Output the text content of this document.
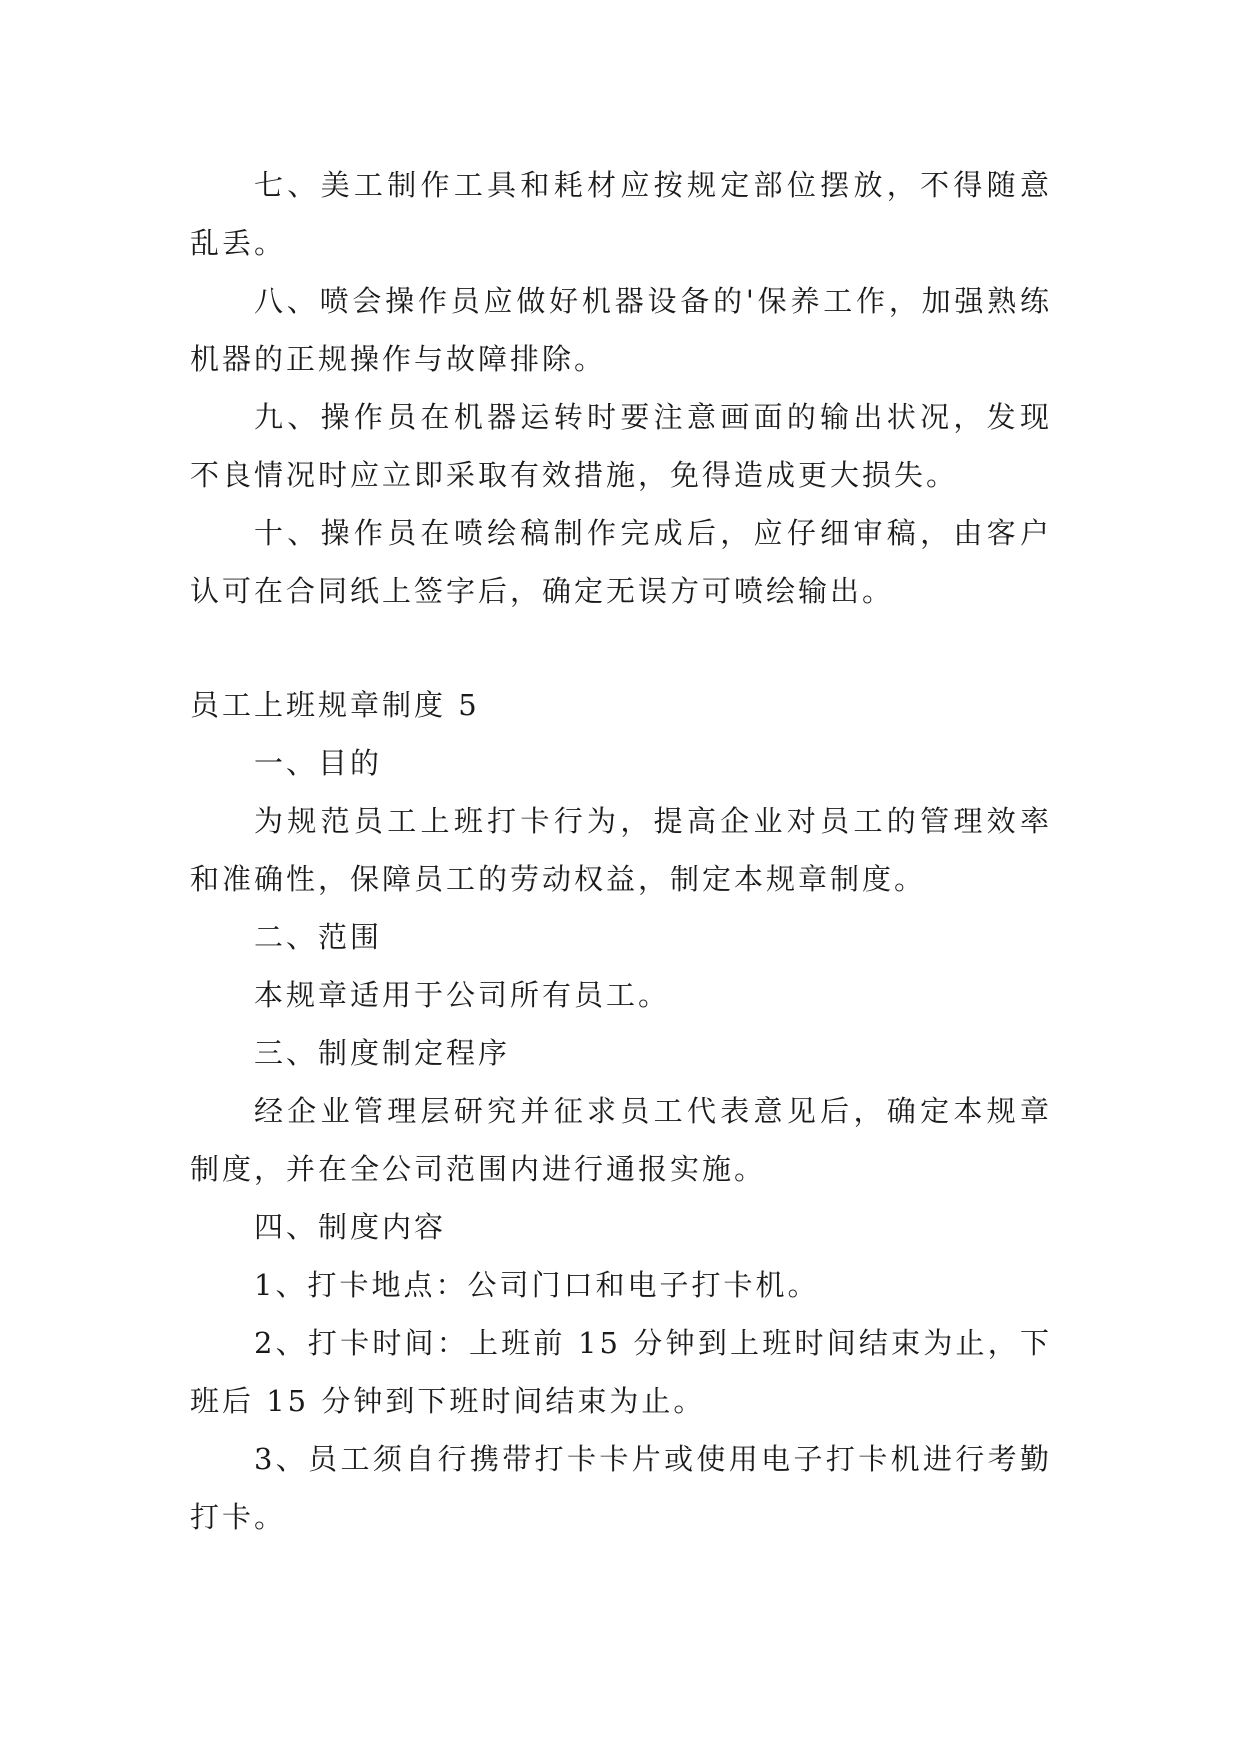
七、美工制作工具和耗材应按规定部位摆放，不得随意乱丢。

八、喷会操作员应做好机器设备的'保养工作，加强熟练机器的正规操作与故障排除。

九、操作员在机器运转时要注意画面的输出状况，发现不良情况时应立即采取有效措施，免得造成更大损失。

十、操作员在喷绘稿制作完成后，应仔细审稿，由客户认可在合同纸上签字后，确定无误方可喷绘输出。

员工上班规章制度 5

一、目的

为规范员工上班打卡行为，提高企业对员工的管理效率和准确性，保障员工的劳动权益，制定本规章制度。

二、范围

本规章适用于公司所有员工。

三、制度制定程序

经企业管理层研究并征求员工代表意见后，确定本规章制度，并在全公司范围内进行通报实施。

四、制度内容

1、打卡地点：公司门口和电子打卡机。

2、打卡时间：上班前 15 分钟到上班时间结束为止，下班后 15 分钟到下班时间结束为止。

3、员工须自行携带打卡卡片或使用电子打卡机进行考勤打卡。
